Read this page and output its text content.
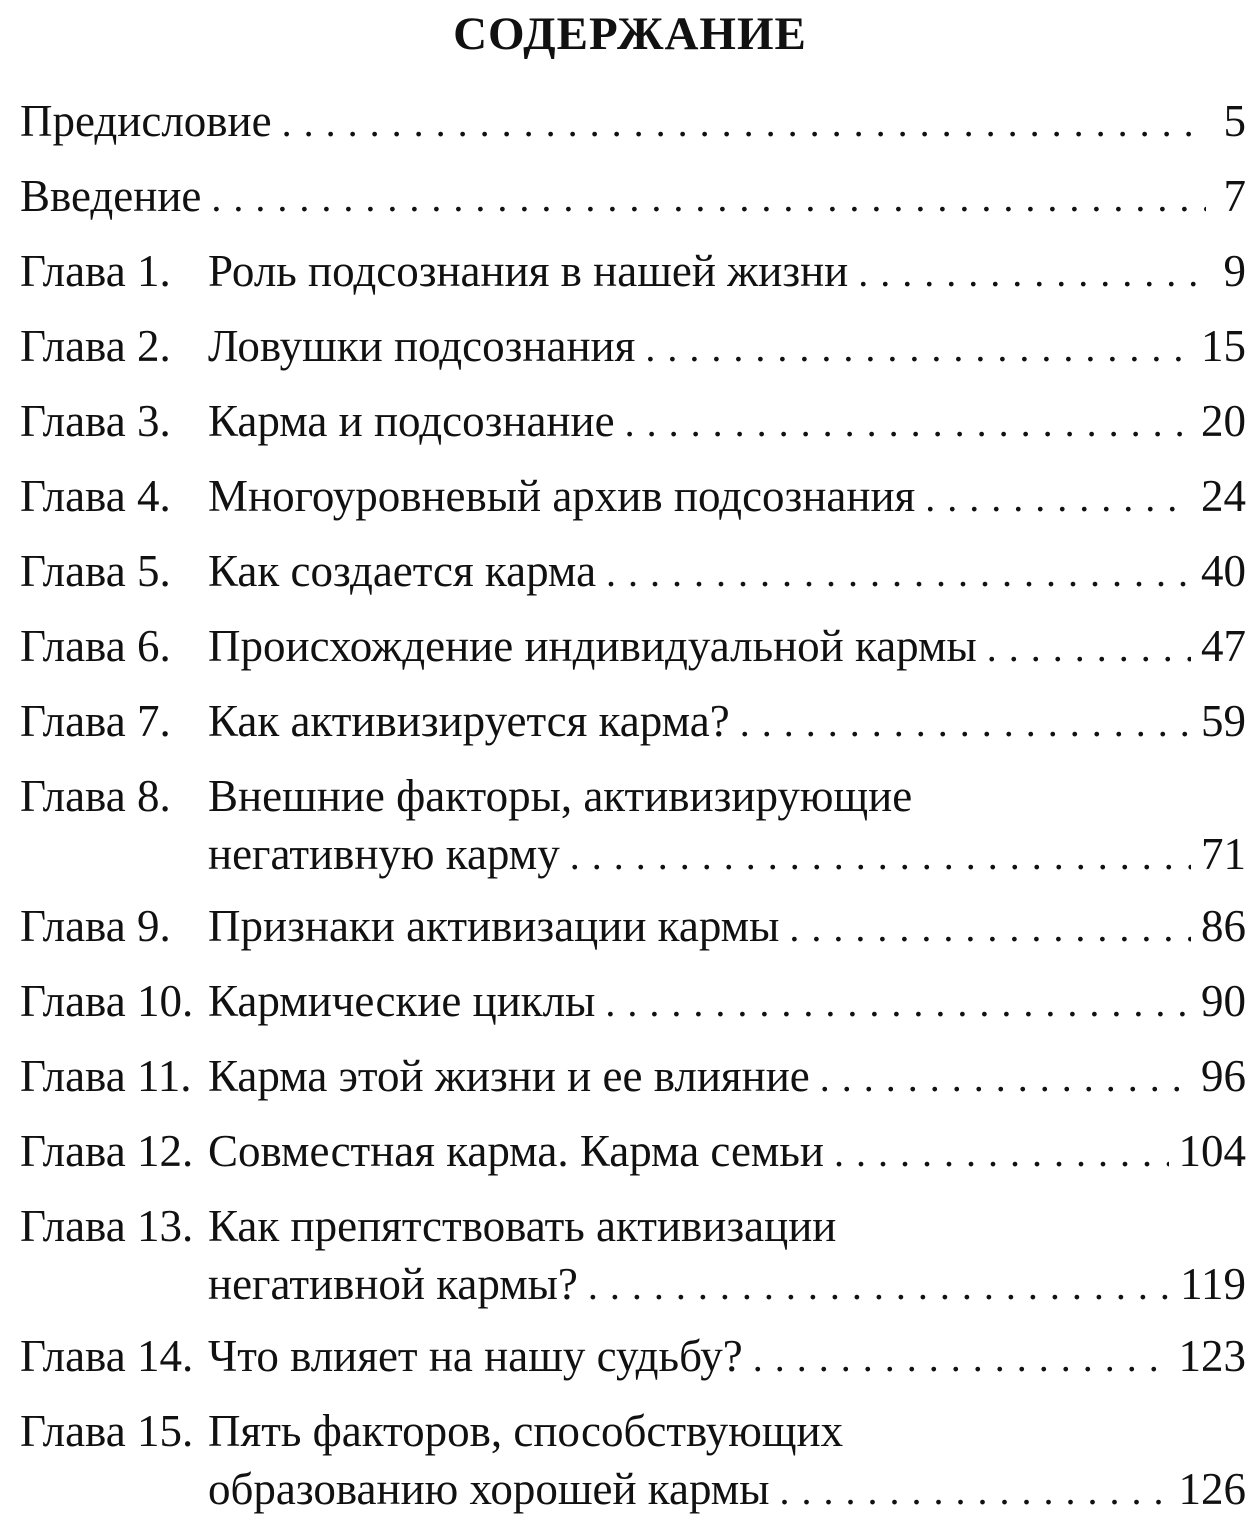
СОДЕРЖАНИЕ
Предисловие . . .	5
Введение . . .	7
Глава 1. Роль подсознания в нашей жизни . . .	9
Глава 2. Ловушки подсознания . . .	15
Глава 3. Карма и подсознание . . .	20
Глава 4. Многоуровневый архив подсознания . . .	24
Глава 5. Как создается карма . . .	40
Глава 6. Происхождение индивидуальной кармы . . .	47
Глава 7. Как активизируется карма? . . .	59
Глава 8. Внешние факторы, активизирующие
негативную карму . . .	71
Глава 9. Признаки активизации кармы . . .	86
Глава 10. Кармические циклы . . .	90
Глава 11. Карма этой жизни и ее влияние . . .	96
Глава 12. Совместная карма. Карма семьи . . .	104
Глава 13. Как препятствовать активизации
негативной кармы? . . .	119
Глава 14. Что влияет на нашу судьбу? . . .	123
Глава 15. Пять факторов, способствующих
образованию хорошей кармы . . .	126
